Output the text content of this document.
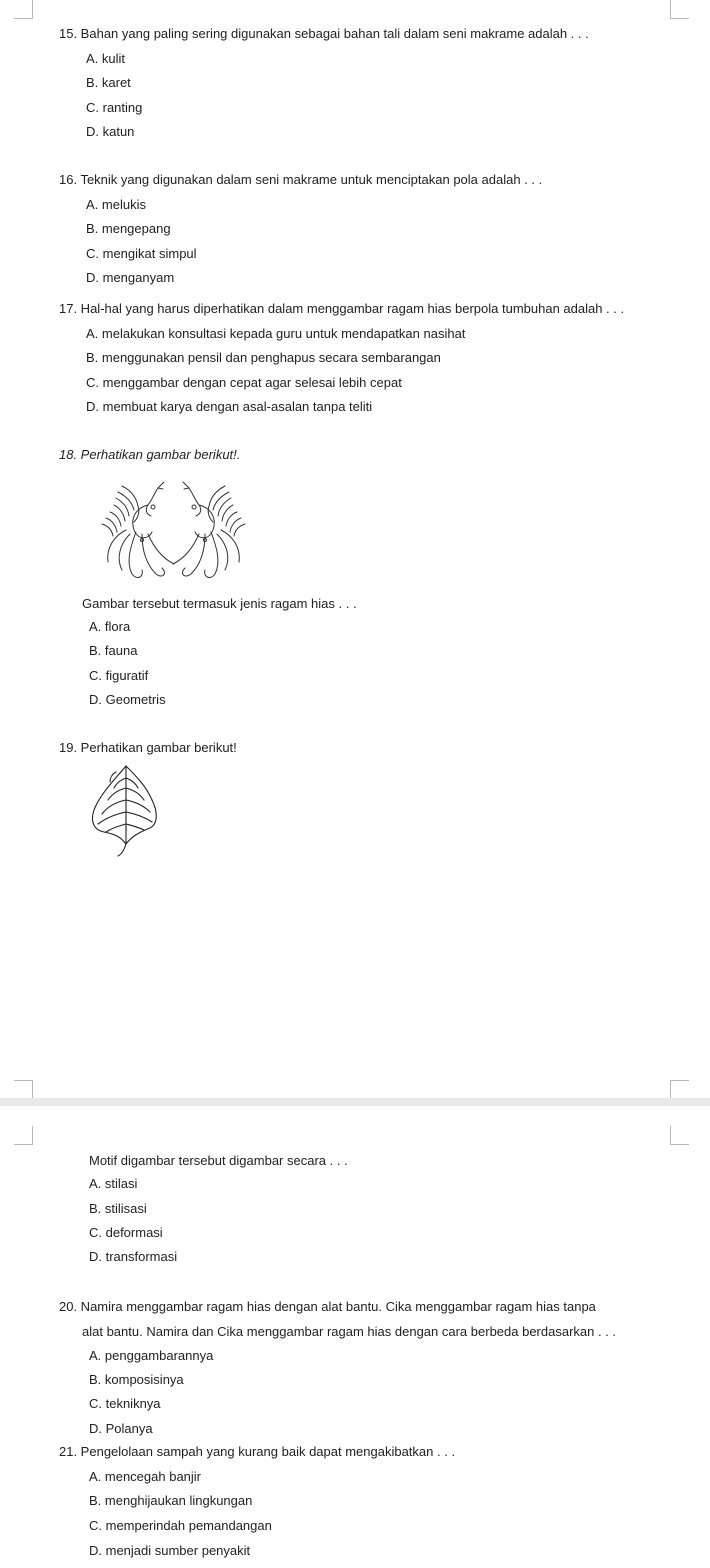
15. Bahan yang paling sering digunakan sebagai bahan tali dalam seni makrame adalah . . .
A. kulit
B. karet
C. ranting
D. katun
16. Teknik yang digunakan dalam seni makrame untuk menciptakan pola adalah . . .
A. melukis
B. mengepang
C. mengikat simpul
D. menganyam
17. Hal-hal yang harus diperhatikan dalam menggambar ragam hias berpola tumbuhan adalah . . .
A. melakukan konsultasi kepada guru untuk mendapatkan nasihat
B. menggunakan pensil dan penghapus secara sembarangan
C. menggambar dengan cepat agar selesai lebih cepat
D. membuat karya dengan asal-asalan tanpa teliti
18. Perhatikan gambar berikut!.
Gambar tersebut termasuk jenis ragam hias . . .
A. flora
B. fauna
C. figuratif
D. Geometris
19. Perhatikan gambar berikut!
Motif digambar tersebut digambar secara . . .
A. stilasi
B. stilisasi
C. deformasi
D. transformasi
20. Namira menggambar ragam hias dengan alat bantu. Cika menggambar ragam hias tanpa
alat bantu. Namira dan Cika menggambar ragam hias dengan cara berbeda berdasarkan . . .
A. penggambarannya
B. komposisinya
C. tekniknya
D. Polanya
21. Pengelolaan sampah yang kurang baik dapat mengakibatkan . . .
A. mencegah banjir
B. menghijaukan lingkungan
C. memperindah pemandangan
D. menjadi sumber penyakit
